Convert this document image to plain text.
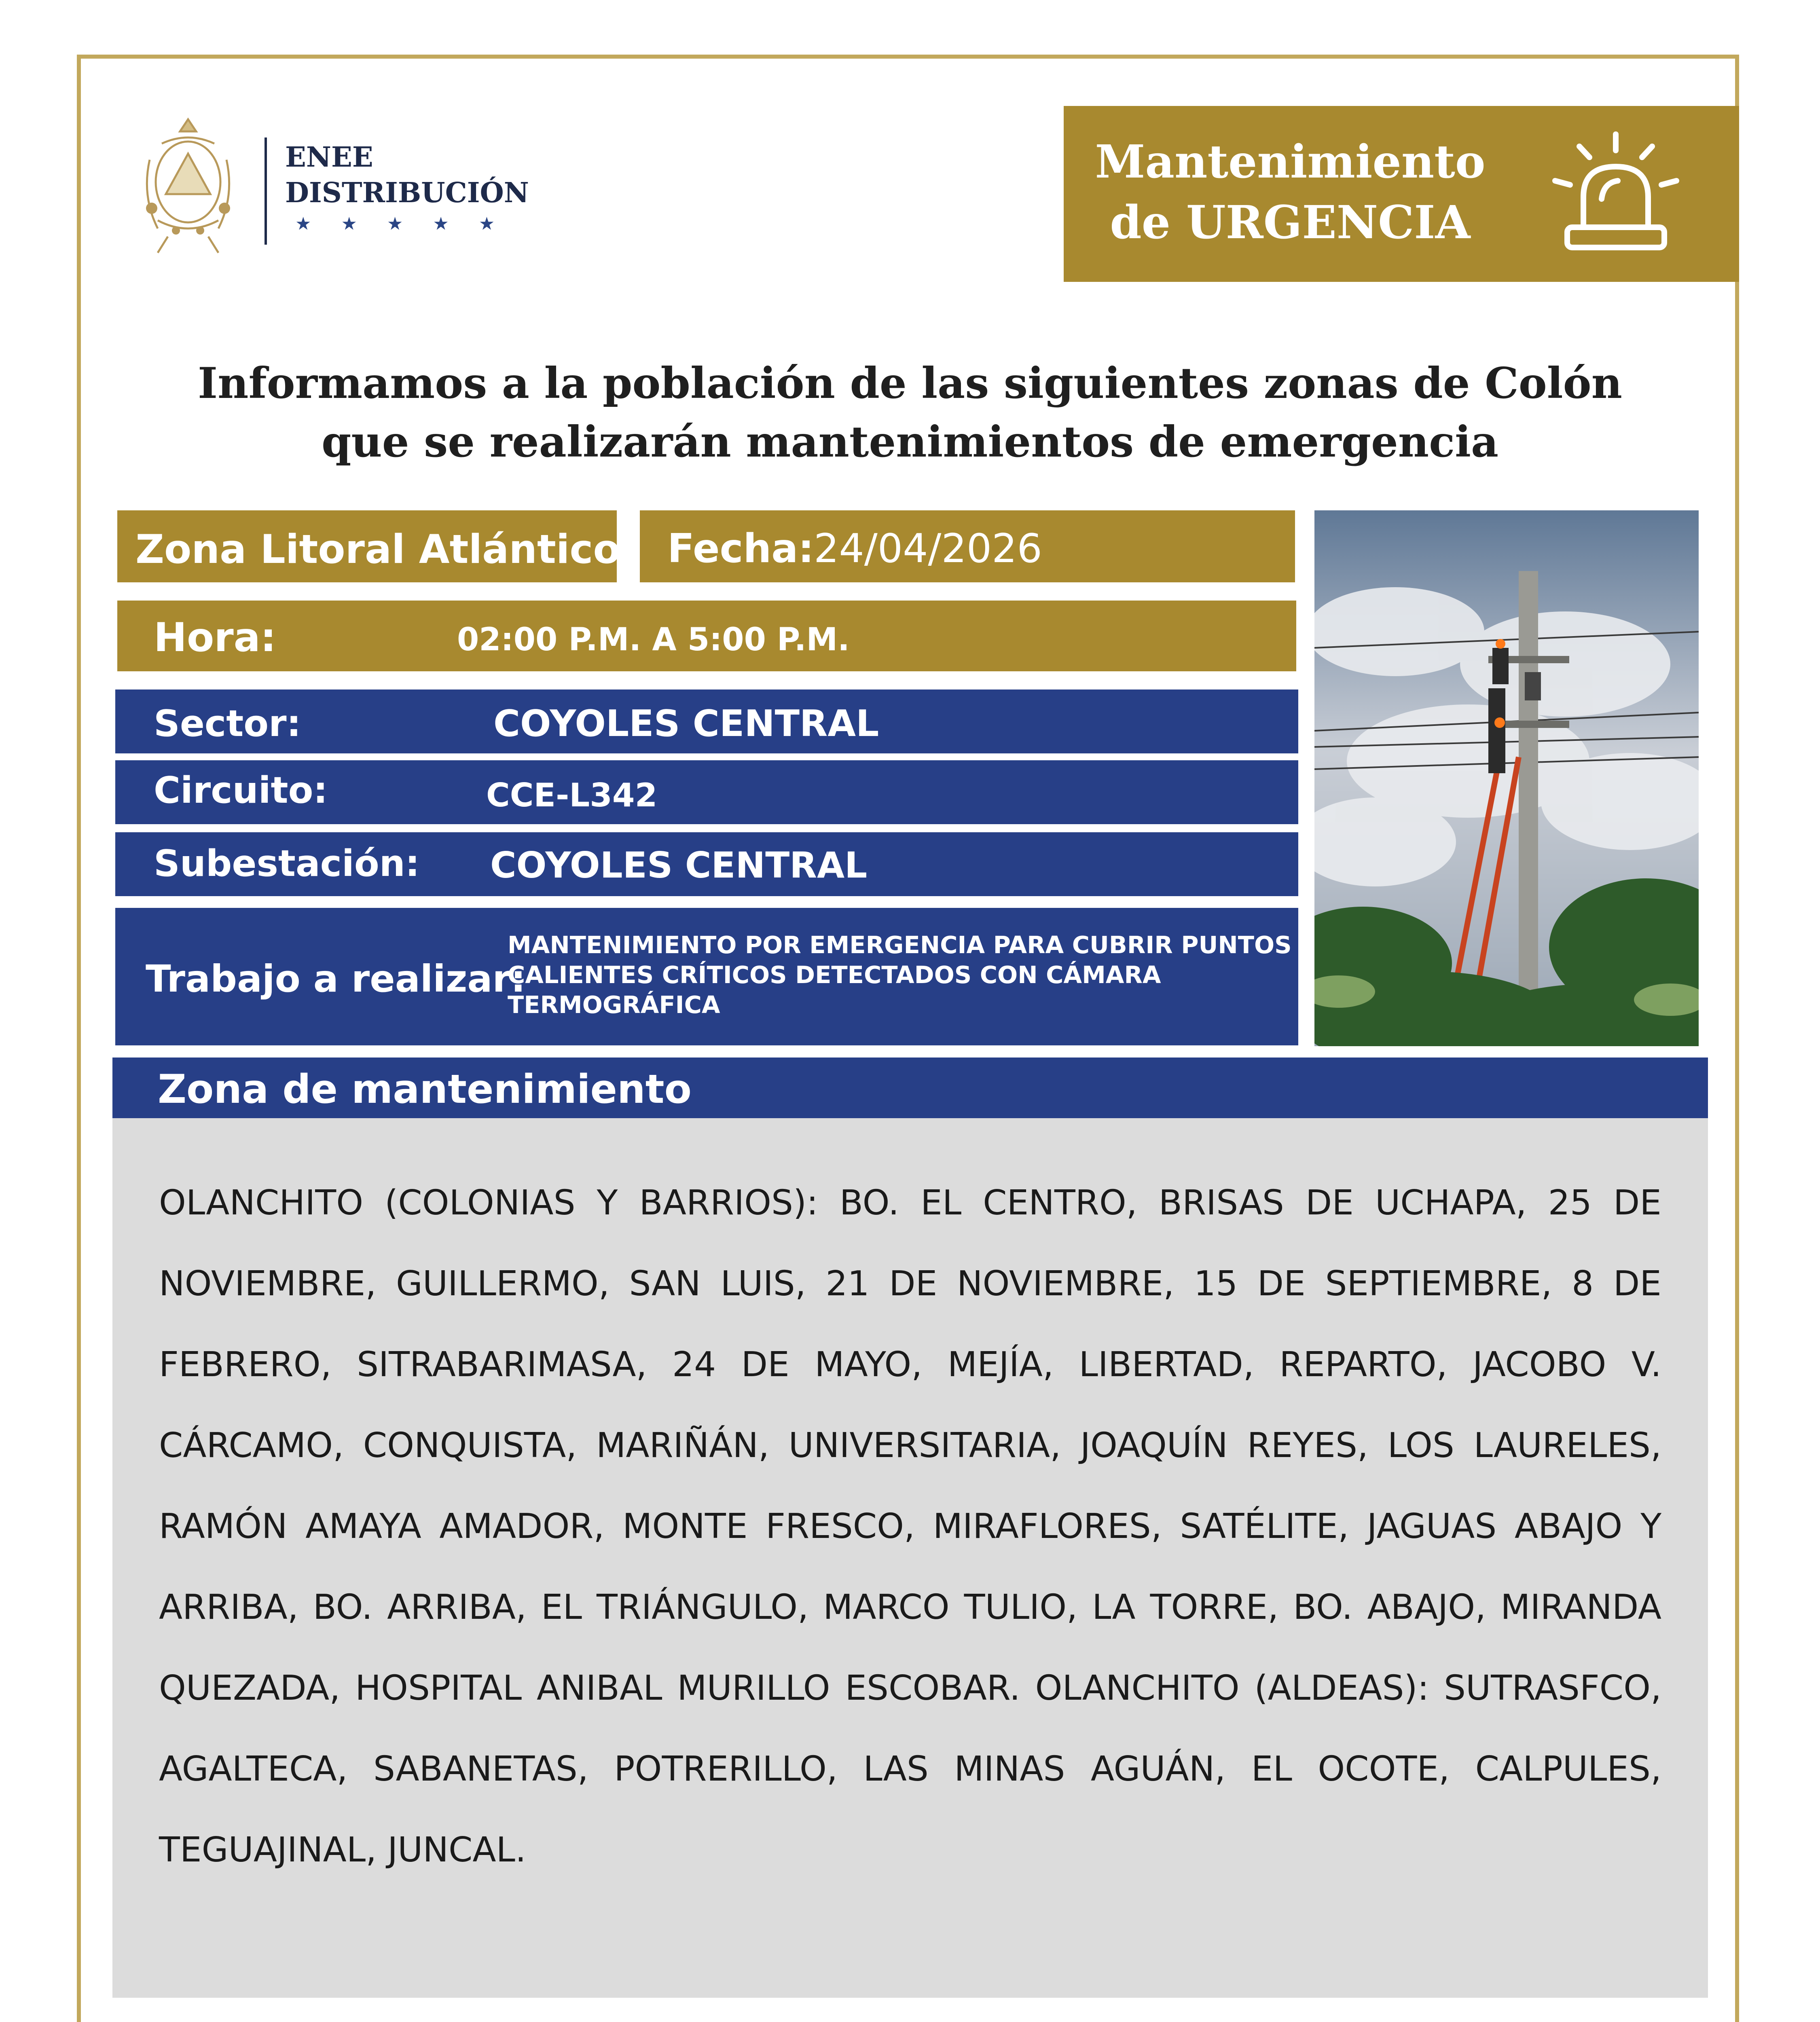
ENEE
DISTRIBUCIÓN
★★★★★
Mantenimiento
de URGENCIA
Informamos a la población de las siguientes zonas de Colón
que se realizarán mantenimientos de emergencia
Zona Litoral Atlántico Fecha: 24/04/2026
Hora:	02:00 P.M. A 5:00 P.M.
Sector:	COYOLES CENTRAL
Circuito:	CCE-L342
Subestación: COYOLES CENTRAL
Trabajo a realizar:
MANTENIMIENTO POR EMERGENCIA PARA CUBRIR PUNTOS
CALIENTES CRÍTICOS DETECTADOS CON CÁMARA
TERMOGRÁFICA
Zona de mantenimiento
OLANCHITO (COLONIAS Y BARRIOS): BO. EL CENTRO, BRISAS DE UCHAPA, 25 DE NOVIEMBRE, GUILLERMO, SAN LUIS, 21 DE NOVIEMBRE, 15 DE SEPTIEMBRE, 8 DE FEBRERO, SITRABARIMASA, 24 DE MAYO, MEJÍA, LIBERTAD, REPARTO, JACOBO V. CÁRCAMO, CONQUISTA, MARIÑÁN, UNIVERSITARIA, JOAQUÍN REYES, LOS LAURELES, RAMÓN AMAYA AMADOR, MONTE FRESCO, MIRAFLORES, SATÉLITE, JAGUAS ABAJO Y ARRIBA, BO. ARRIBA, EL TRIÁNGULO, MARCO TULIO, LA TORRE, BO. ABAJO, MIRANDA QUEZADA, HOSPITAL ANIBAL MURILLO ESCOBAR. OLANCHITO (ALDEAS): SUTRASFCO, AGALTECA, SABANETAS, POTRERILLO, LAS MINAS AGUÁN, EL OCOTE, CALPULES, TEGUAJINAL, JUNCAL.
